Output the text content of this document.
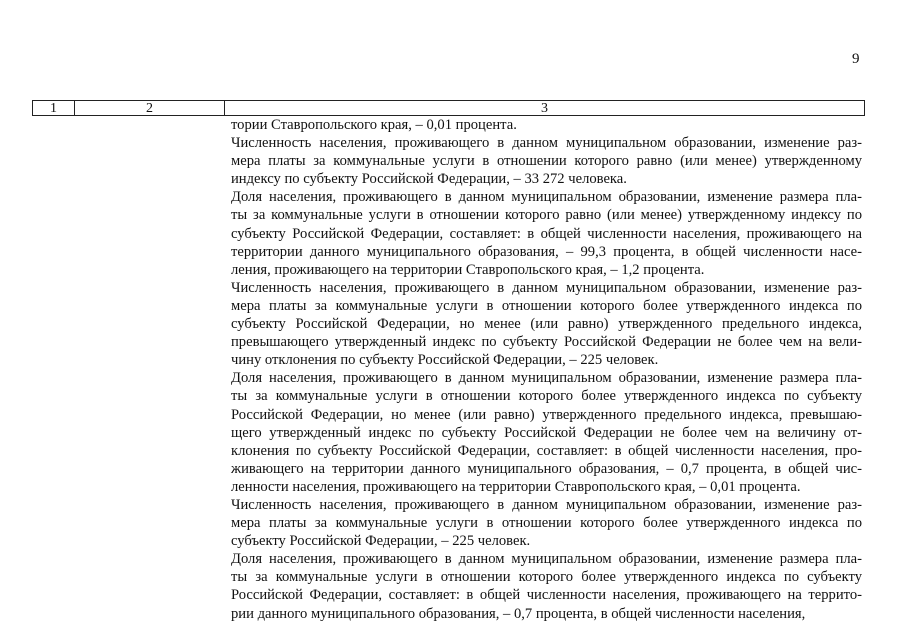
9
1	2	3
тории Ставропольского края, – 0,01 процента.
Численность населения, проживающего в данном муниципальном образовании, изменение раз-
мера платы за коммунальные услуги в отношении которого равно (или менее) утвержденному
индексу по субъекту Российской Федерации, – 33 272 человека.
Доля населения, проживающего в данном муниципальном образовании, изменение размера пла-
ты за коммунальные услуги в отношении которого равно (или менее) утвержденному индексу по
субъекту Российской Федерации, составляет: в общей численности населения, проживающего на
территории данного муниципального образования, – 99,3 процента, в общей численности насе-
ления, проживающего на территории Ставропольского края, – 1,2 процента.
Численность населения, проживающего в данном муниципальном образовании, изменение раз-
мера платы за коммунальные услуги в отношении которого более утвержденного индекса по
субъекту Российской Федерации, но менее (или равно) утвержденного предельного индекса,
превышающего утвержденный индекс по субъекту Российской Федерации не более чем на вели-
чину отклонения по субъекту Российской Федерации, – 225 человек.
Доля населения, проживающего в данном муниципальном образовании, изменение размера пла-
ты за коммунальные услуги в отношении которого более утвержденного индекса по субъекту
Российской Федерации, но менее (или равно) утвержденного предельного индекса, превышаю-
щего утвержденный индекс по субъекту Российской Федерации не более чем на величину от-
клонения по субъекту Российской Федерации, составляет: в общей численности населения, про-
живающего на территории данного муниципального образования, – 0,7 процента, в общей чис-
ленности населения, проживающего на территории Ставропольского края, – 0,01 процента.
Численность населения, проживающего в данном муниципальном образовании, изменение раз-
мера платы за коммунальные услуги в отношении которого более утвержденного индекса по
субъекту Российской Федерации, – 225 человек.
Доля населения, проживающего в данном муниципальном образовании, изменение размера пла-
ты за коммунальные услуги в отношении которого более утвержденного индекса по субъекту
Российской Федерации, составляет: в общей численности населения, проживающего на террито-
рии данного муниципального образования, – 0,7 процента, в общей численности населения,
